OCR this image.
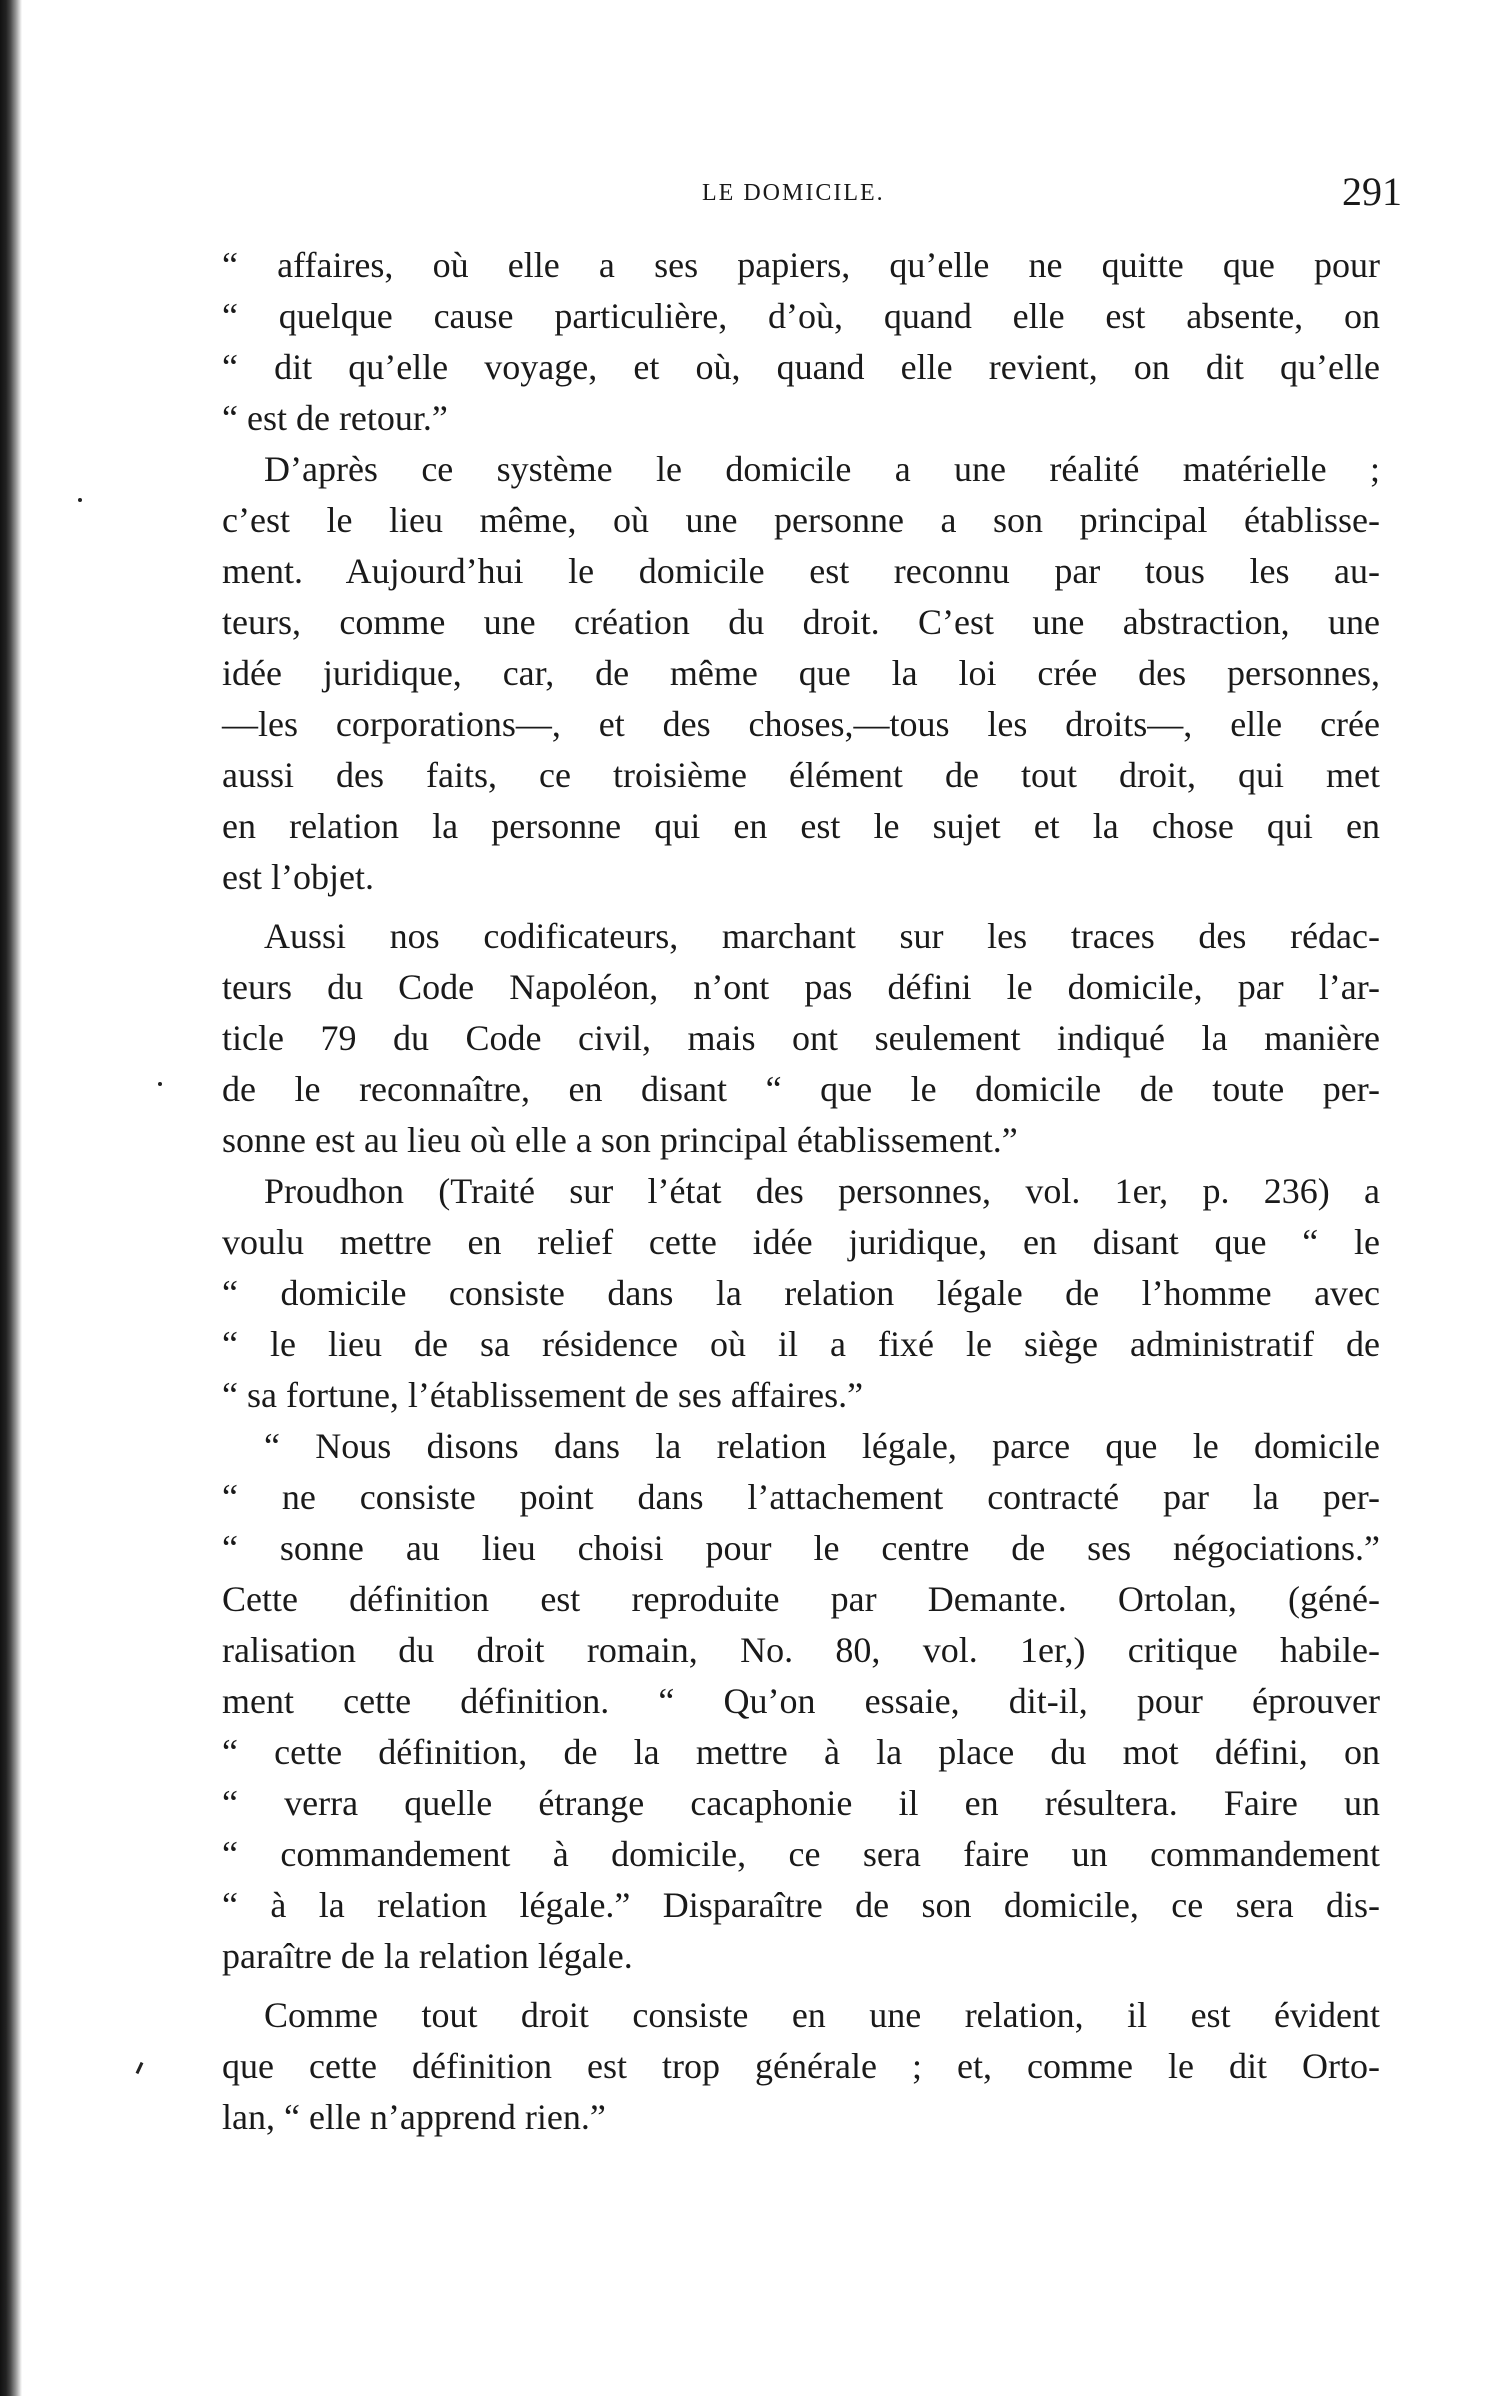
LE DOMICILE.	291
“ affaires, où elle a ses papiers, qu’elle ne quitte que pour
“ quelque cause particulière, d’où, quand elle est absente, on
“ dit qu’elle voyage, et où, quand elle revient, on dit qu’elle
“ est de retour.”
D’après ce système le domicile a une réalité matérielle ;
c’est le lieu même, où une personne a son principal établisse-
ment. Aujourd’hui le domicile est reconnu par tous les au-
teurs, comme une création du droit. C’est une abstraction, une
idée juridique, car, de même que la loi crée des personnes,
—les corporations—, et des choses,—tous les droits—, elle crée
aussi des faits, ce troisième élément de tout droit, qui met
en relation la personne qui en est le sujet et la chose qui en
est l’objet.
Aussi nos codificateurs, marchant sur les traces des rédac-
teurs du Code Napoléon, n’ont pas défini le domicile, par l’ar-
ticle 79 du Code civil, mais ont seulement indiqué la manière
de le reconnaître, en disant “ que le domicile de toute per-
sonne est au lieu où elle a son principal établissement.”
Proudhon (Traité sur l’état des personnes, vol. 1er, p. 236) a
voulu mettre en relief cette idée juridique, en disant que “ le
“ domicile consiste dans la relation légale de l’homme avec
“ le lieu de sa résidence où il a fixé le siège administratif de
“ sa fortune, l’établissement de ses affaires.”
“ Nous disons dans la relation légale, parce que le domicile
“ ne consiste point dans l’attachement contracté par la per-
“ sonne au lieu choisi pour le centre de ses négociations.”
Cette définition est reproduite par Demante. Ortolan, (géné-
ralisation du droit romain, No. 80, vol. 1er,) critique habile-
ment cette définition. “ Qu’on essaie, dit-il, pour éprouver
“ cette définition, de la mettre à la place du mot défini, on
“ verra quelle étrange cacaphonie il en résultera. Faire un
“ commandement à domicile, ce sera faire un commandement
“ à la relation légale.” Disparaître de son domicile, ce sera dis-
paraître de la relation légale.
Comme tout droit consiste en une relation, il est évident
que cette définition est trop générale ; et, comme le dit Orto-
lan, “ elle n’apprend rien.”
